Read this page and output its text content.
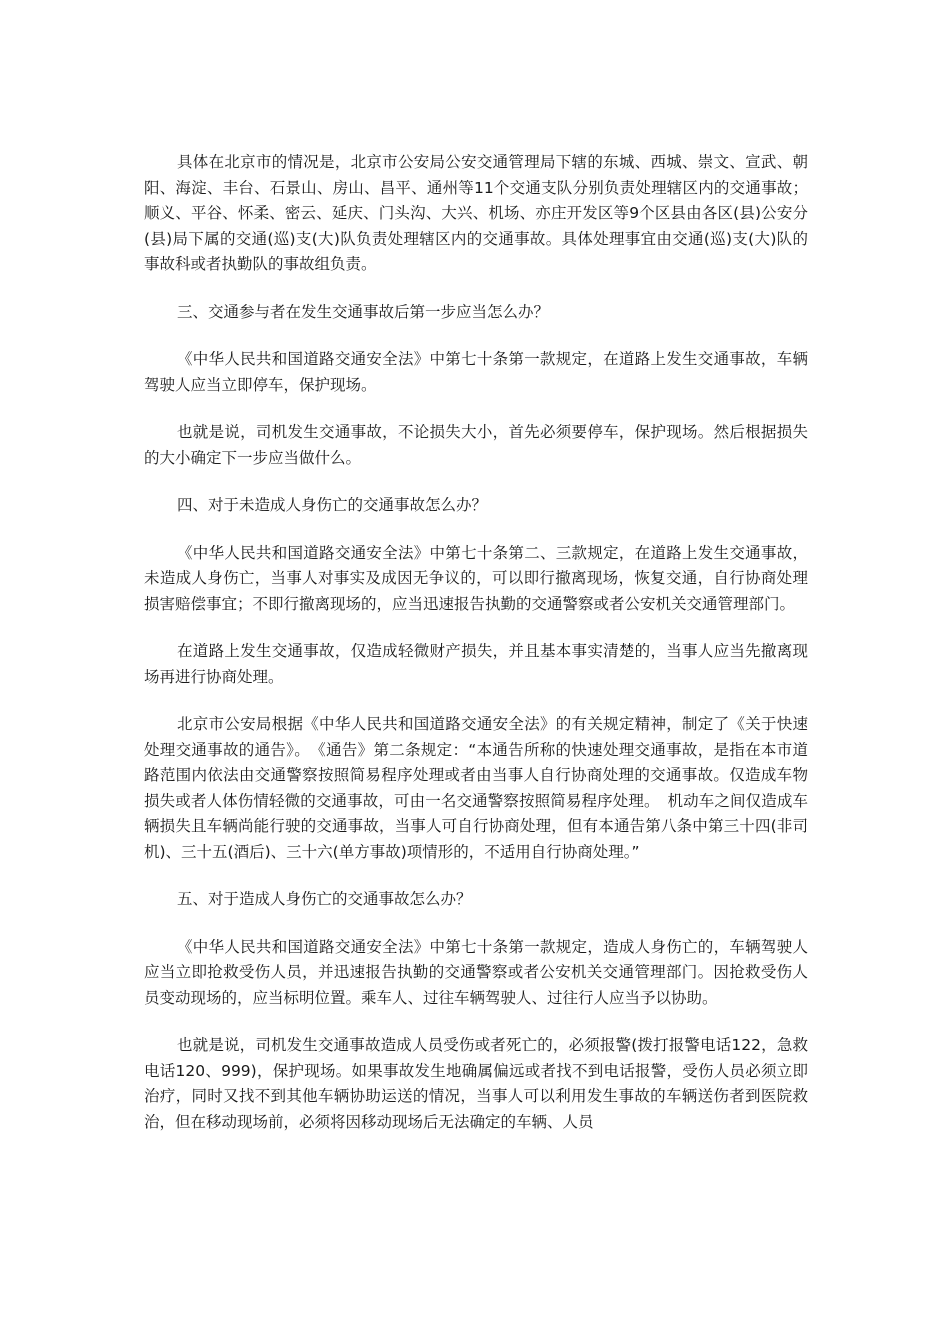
具体在北京市的情况是，北京市公安局公安交通管理局下辖的东城、西城、崇文、宣武、朝阳、海淀、丰台、石景山、房山、昌平、通州等11个交通支队分别负责处理辖区内的交通事故；顺义、平谷、怀柔、密云、延庆、门头沟、大兴、机场、亦庄开发区等9个区县由各区(县)公安分(县)局下属的交通(巡)支(大)队负责处理辖区内的交通事故。具体处理事宜由交通(巡)支(大)队的事故科或者执勤队的事故组负责。

三、交通参与者在发生交通事故后第一步应当怎么办？

《中华人民共和国道路交通安全法》中第七十条第一款规定，在道路上发生交通事故，车辆驾驶人应当立即停车，保护现场。

也就是说，司机发生交通事故，不论损失大小，首先必须要停车，保护现场。然后根据损失的大小确定下一步应当做什么。

四、对于未造成人身伤亡的交通事故怎么办？

《中华人民共和国道路交通安全法》中第七十条第二、三款规定，在道路上发生交通事故，未造成人身伤亡，当事人对事实及成因无争议的，可以即行撤离现场，恢复交通，自行协商处理损害赔偿事宜；不即行撤离现场的，应当迅速报告执勤的交通警察或者公安机关交通管理部门。

在道路上发生交通事故，仅造成轻微财产损失，并且基本事实清楚的，当事人应当先撤离现场再进行协商处理。

北京市公安局根据《中华人民共和国道路交通安全法》的有关规定精神，制定了《关于快速处理交通事故的通告》。　《通告》第二条规定：“本通告所称的快速处理交通事故，是指在本市道路范围内依法由交通警察按照简易程序处理或者由当事人自行协商处理的交通事故。仅造成车物损失或者人体伤情轻微的交通事故，可由一名交通警察按照简易程序处理。　机动车之间仅造成车辆损失且车辆尚能行驶的交通事故，当事人可自行协商处理，但有本通告第八条中第三十四(非司机)、三十五(酒后)、三十六(单方事故)项情形的，不适用自行协商处理。”

五、对于造成人身伤亡的交通事故怎么办？

《中华人民共和国道路交通安全法》中第七十条第一款规定，造成人身伤亡的，车辆驾驶人应当立即抢救受伤人员，并迅速报告执勤的交通警察或者公安机关交通管理部门。因抢救受伤人员变动现场的，应当标明位置。乘车人、过往车辆驾驶人、过往行人应当予以协助。

也就是说，司机发生交通事故造成人员受伤或者死亡的，必须报警(拨打报警电话122，急救电话120、999)，保护现场。如果事故发生地确属偏远或者找不到电话报警，受伤人员必须立即治疗，同时又找不到其他车辆协助运送的情况，当事人可以利用发生事故的车辆送伤者到医院救治，但在移动现场前，必须将因移动现场后无法确定的车辆、人员
